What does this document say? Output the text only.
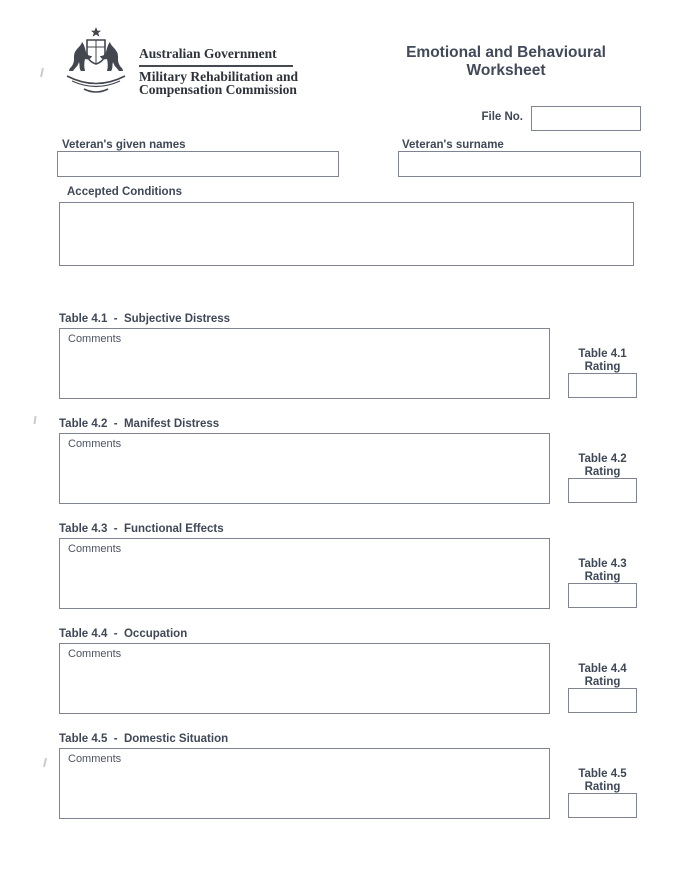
Australian Government
Military Rehabilitation and
Compensation Commission
Emotional and Behavioural
Worksheet
File No.
Veteran's given names	Veteran's surname
Accepted Conditions
Table 4.1  -  Subjective Distress
Comments
Table 4.1
Rating
Table 4.2  -  Manifest Distress
Comments
Table 4.2
Rating
Table 4.3  -  Functional Effects
Comments
Table 4.3
Rating
Table 4.4  -  Occupation
Comments
Table 4.4
Rating
Table 4.5  -  Domestic Situation
Comments
Table 4.5
Rating
